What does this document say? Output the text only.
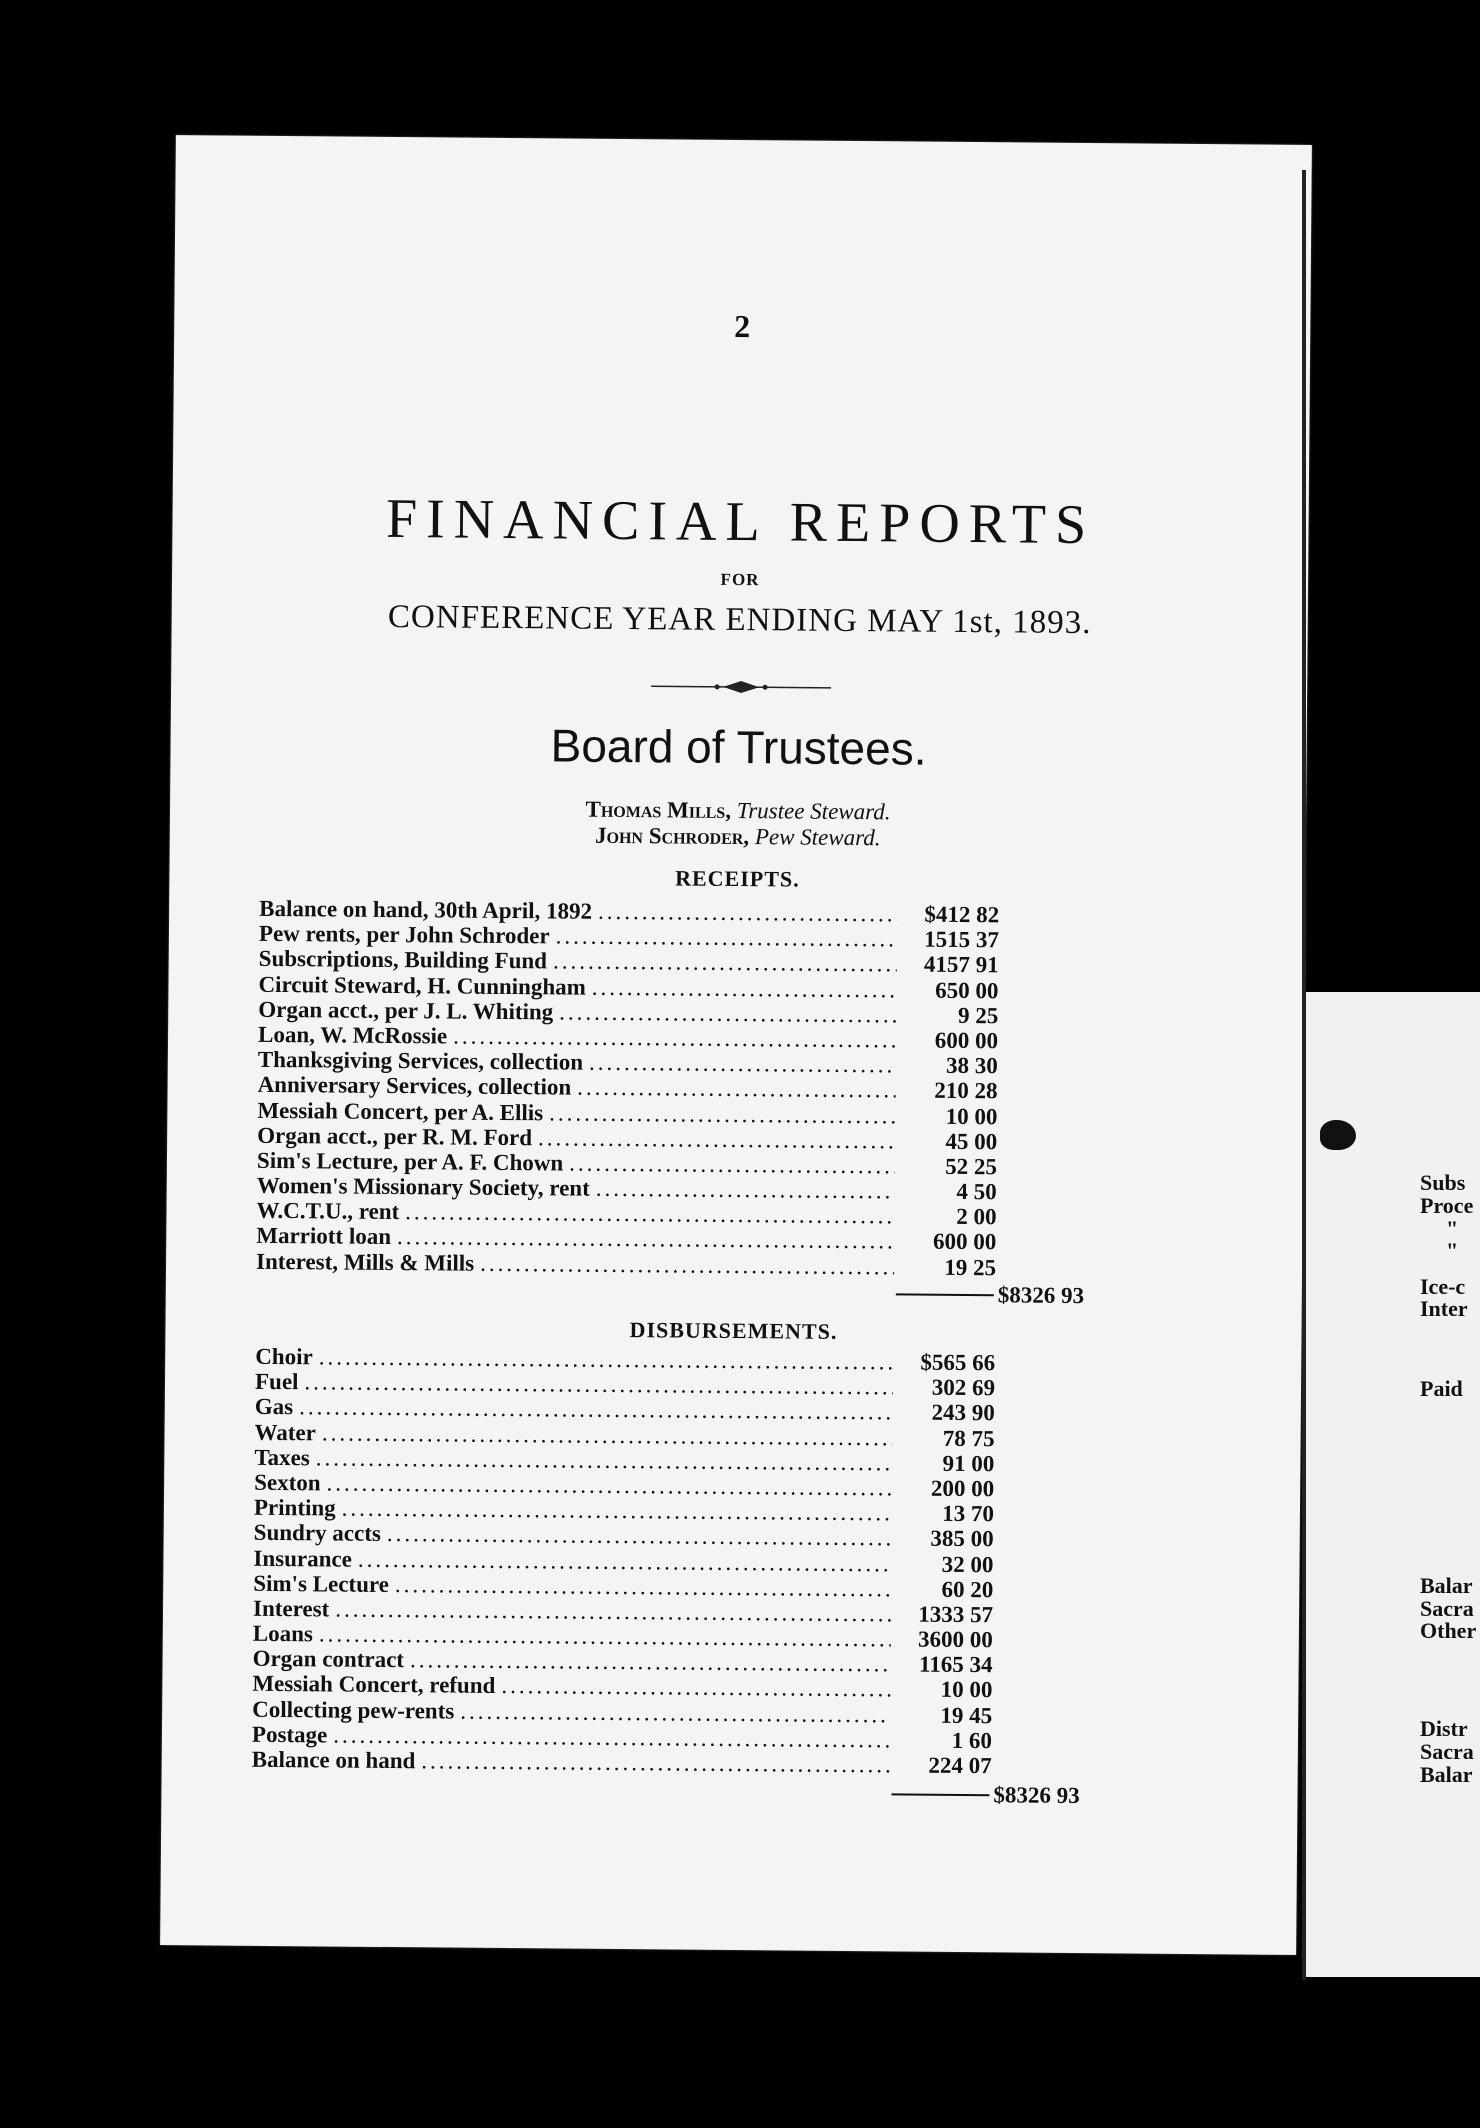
2
FINANCIAL REPORTS
FOR
CONFERENCE YEAR ENDING MAY 1st, 1893.
Board of Trustees.
Thomas Mills, Trustee Steward.
John Schroder, Pew Steward.
RECEIPTS.
Balance on hand, 30th April, 1892 .....	$412 82
Pew rents, per John Schroder .....	1515 37
Subscriptions, Building Fund .....	4157 91
Circuit Steward, H. Cunningham .....	650 00
Organ acct., per J. L. Whiting .....	9 25
Loan, W. McRossie .....	600 00
Thanksgiving Services, collection .....	38 30
Anniversary Services, collection .....	210 28
Messiah Concert, per A. Ellis .....	10 00
Organ acct., per R. M. Ford .....	45 00
Sim's Lecture, per A. F. Chown .....	52 25
Women's Missionary Society, rent .....	4 50
W.C.T.U., rent .....	2 00
Marriott loan .....	600 00
Interest, Mills & Mills .....	19 25
$8326 93
DISBURSEMENTS.
Choir .....	$565 66
Fuel .....	302 69
Gas .....	243 90
Water .....	78 75
Taxes .....	91 00
Sexton .....	200 00
Printing .....	13 70
Sundry accts .....	385 00
Insurance .....	32 00
Sim's Lecture .....	60 20
Interest .....	1333 57
Loans .....	3600 00
Organ contract .....	1165 34
Messiah Concert, refund .....	10 00
Collecting pew-rents .....	19 45
Postage .....	1 60
Balance on hand .....	224 07
$8326 93
Subs
Proce
"
"
Ice-c
Inter
Paid
Balar
Sacra
Other
Distr
Sacra
Balar
